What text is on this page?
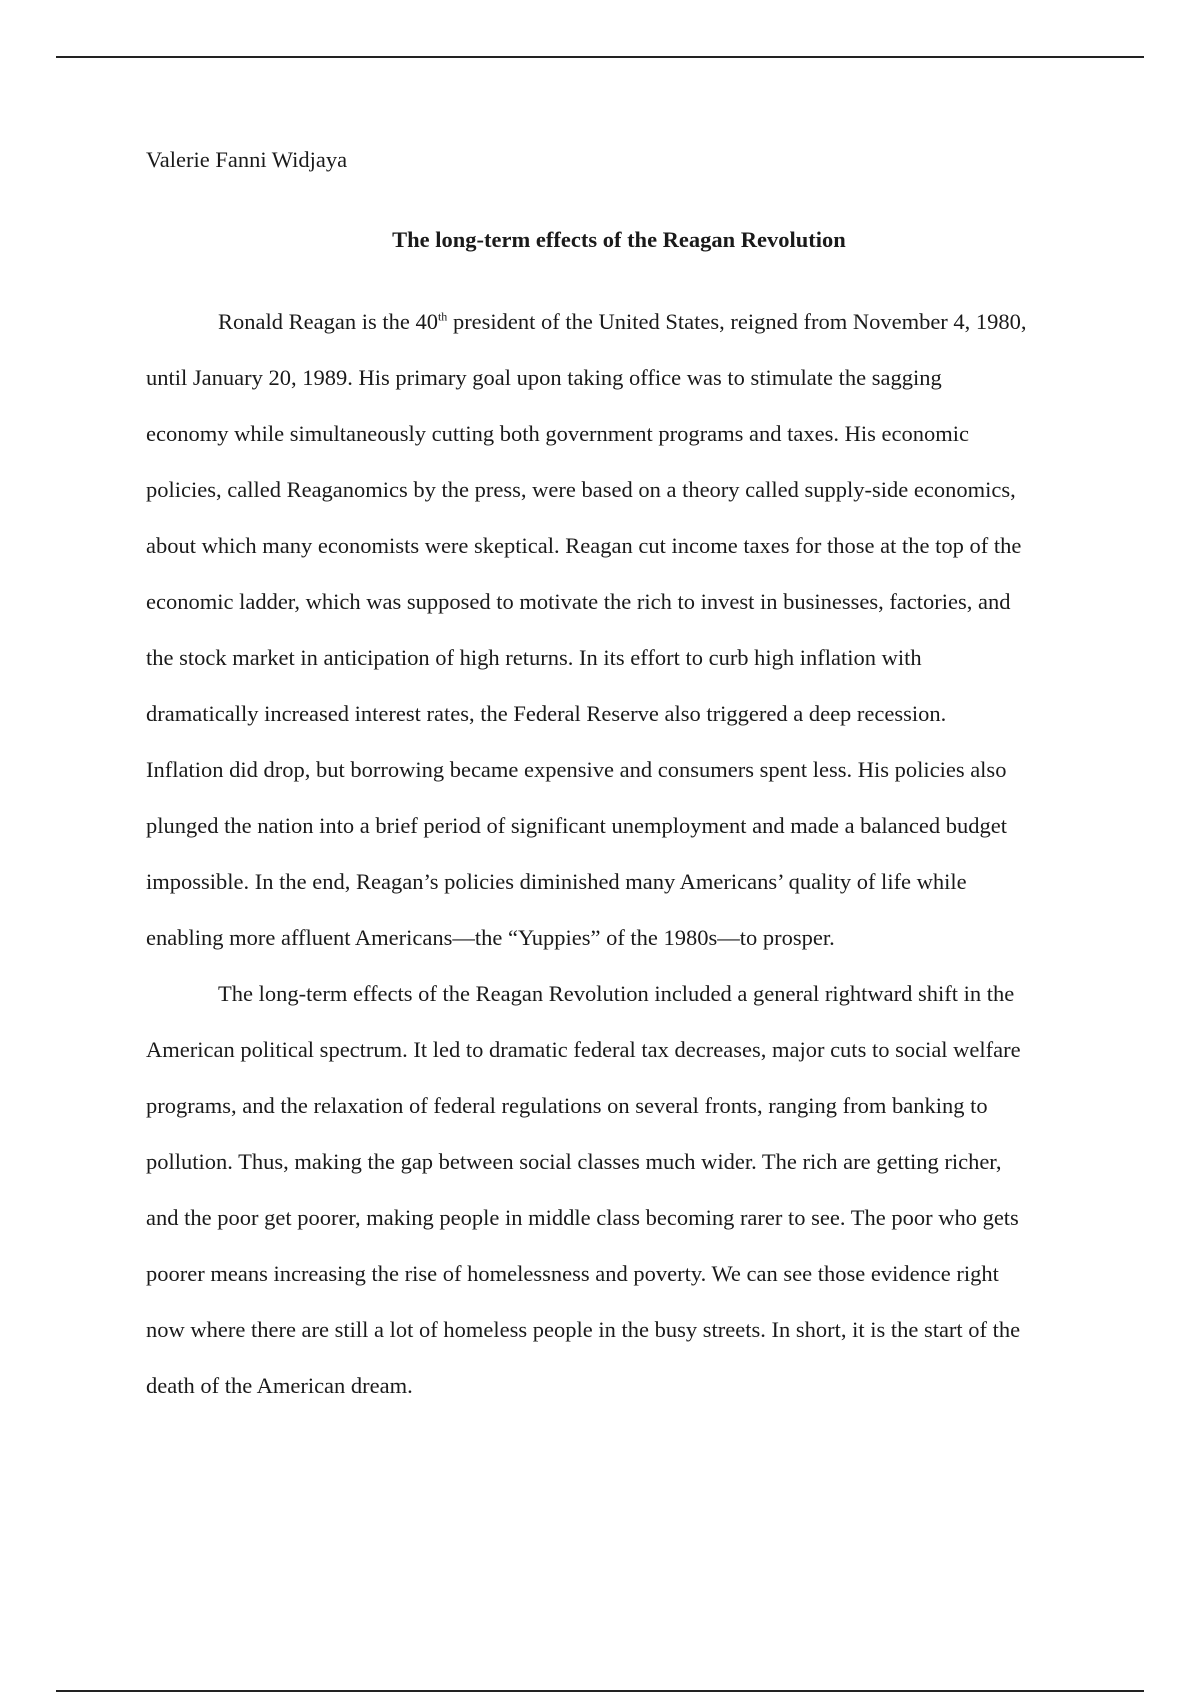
Valerie Fanni Widjaya

The long-term effects of the Reagan Revolution

Ronald Reagan is the 40th president of the United States, reigned from November 4, 1980,
until January 20, 1989. His primary goal upon taking office was to stimulate the sagging
economy while simultaneously cutting both government programs and taxes. His economic
policies, called Reaganomics by the press, were based on a theory called supply-side economics,
about which many economists were skeptical. Reagan cut income taxes for those at the top of the
economic ladder, which was supposed to motivate the rich to invest in businesses, factories, and
the stock market in anticipation of high returns. In its effort to curb high inflation with
dramatically increased interest rates, the Federal Reserve also triggered a deep recession.
Inflation did drop, but borrowing became expensive and consumers spent less. His policies also
plunged the nation into a brief period of significant unemployment and made a balanced budget
impossible. In the end, Reagan’s policies diminished many Americans’ quality of life while
enabling more affluent Americans—the “Yuppies” of the 1980s—to prosper.

The long-term effects of the Reagan Revolution included a general rightward shift in the
American political spectrum. It led to dramatic federal tax decreases, major cuts to social welfare
programs, and the relaxation of federal regulations on several fronts, ranging from banking to
pollution. Thus, making the gap between social classes much wider. The rich are getting richer,
and the poor get poorer, making people in middle class becoming rarer to see. The poor who gets
poorer means increasing the rise of homelessness and poverty. We can see those evidence right
now where there are still a lot of homeless people in the busy streets. In short, it is the start of the
death of the American dream.
